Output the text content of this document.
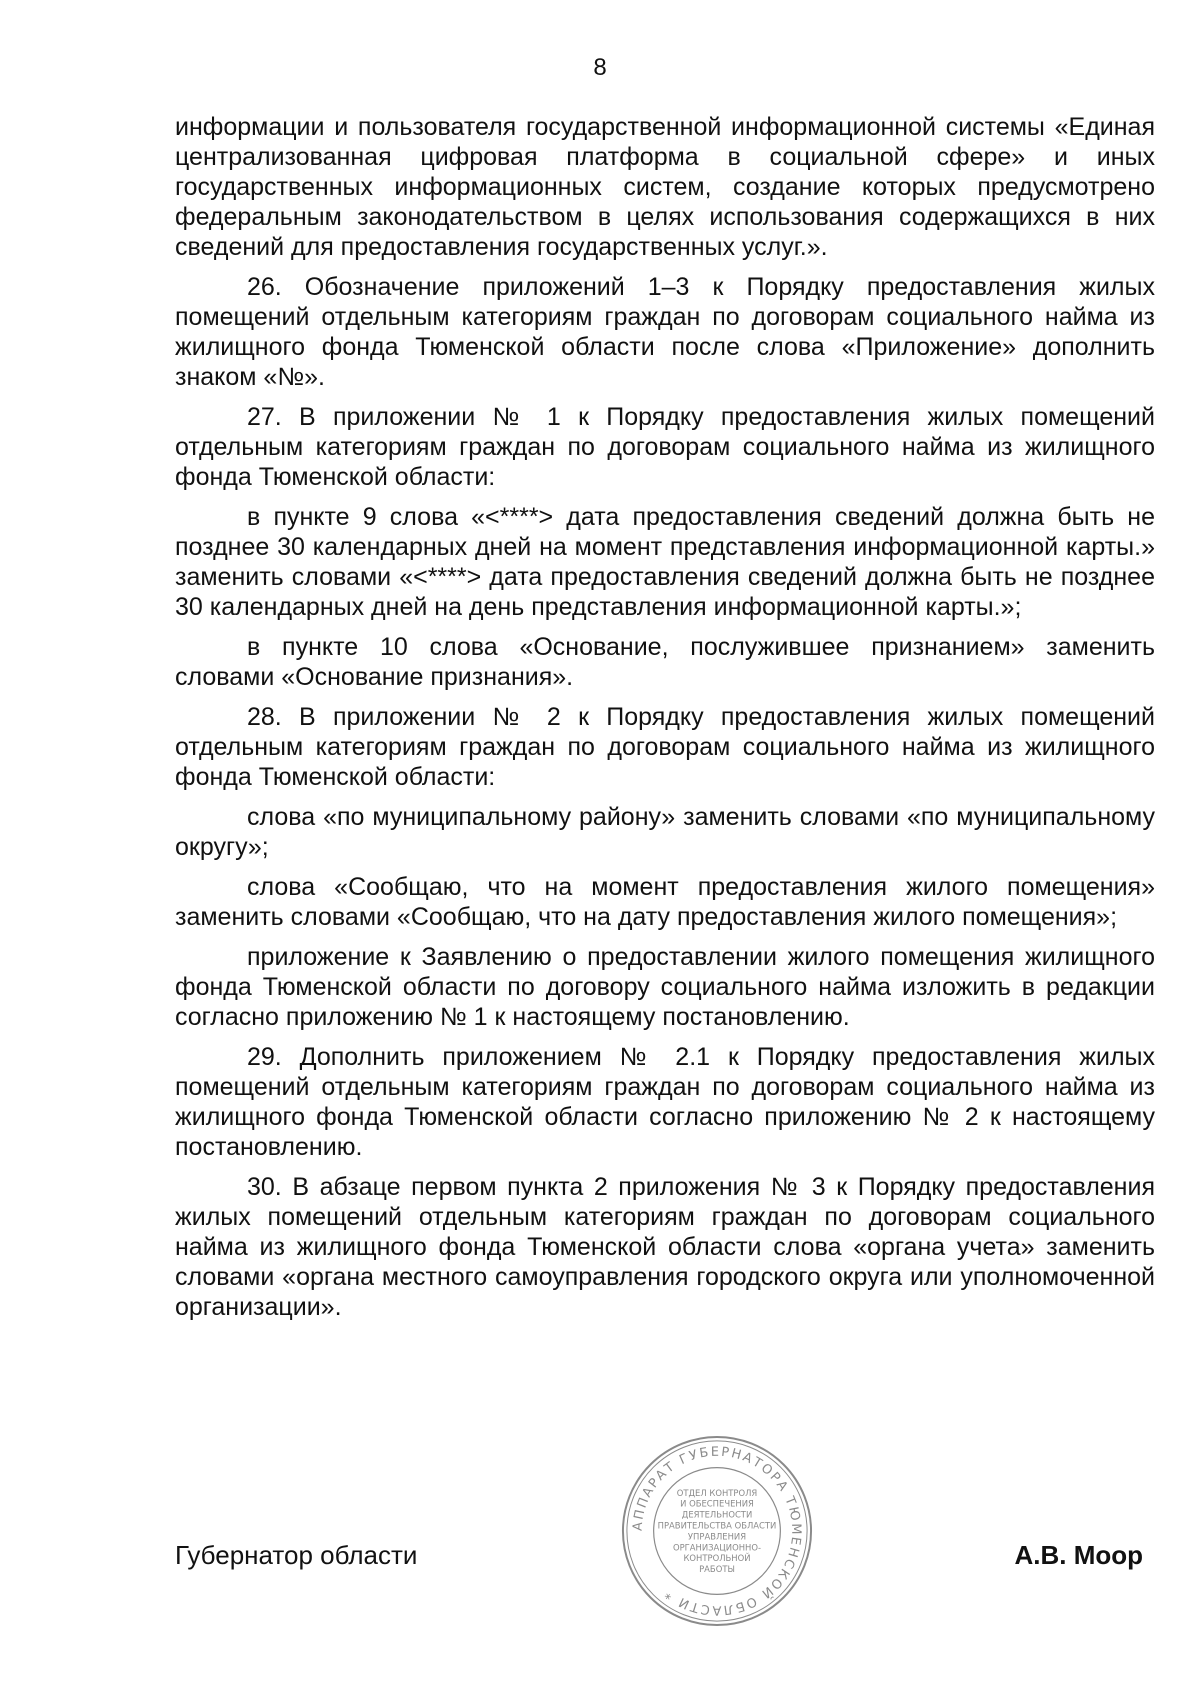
8

информации и пользователя государственной информационной системы «Единая централизованная цифровая платформа в социальной сфере» и иных государственных информационных систем, создание которых предусмотрено федеральным законодательством в целях использования содержащихся в них сведений для предоставления государственных услуг.».

26. Обозначение приложений 1–3 к Порядку предоставления жилых помещений отдельным категориям граждан по договорам социального найма из жилищного фонда Тюменской области после слова «Приложение» дополнить знаком «№».

27. В приложении № 1 к Порядку предоставления жилых помещений отдельным категориям граждан по договорам социального найма из жилищного фонда Тюменской области:

в пункте 9 слова «<****> дата предоставления сведений должна быть не позднее 30 календарных дней на момент представления информационной карты.» заменить словами «<****> дата предоставления сведений должна быть не позднее 30 календарных дней на день представления информационной карты.»;

в пункте 10 слова «Основание, послужившее признанием» заменить словами «Основание признания».

28. В приложении № 2 к Порядку предоставления жилых помещений отдельным категориям граждан по договорам социального найма из жилищного фонда Тюменской области:

слова «по муниципальному району» заменить словами «по муниципальному округу»;

слова «Сообщаю, что на момент предоставления жилого помещения» заменить словами «Сообщаю, что на дату предоставления жилого помещения»;

приложение к Заявлению о предоставлении жилого помещения жилищного фонда Тюменской области по договору социального найма изложить в редакции согласно приложению № 1 к настоящему постановлению.

29. Дополнить приложением № 2.1 к Порядку предоставления жилых помещений отдельным категориям граждан по договорам социального найма из жилищного фонда Тюменской области согласно приложению № 2 к настоящему постановлению.

30. В абзаце первом пункта 2 приложения № 3 к Порядку предоставления жилых помещений отдельным категориям граждан по договорам социального найма из жилищного фонда Тюменской области слова «органа учета» заменить словами «органа местного самоуправления городского округа или уполномоченной организации».

АППАРАТ ГУБЕРНАТОРА ТЮМЕНСКОЙ ОБЛАСТИ *
ОТДЕЛ КОНТРОЛЯ
И ОБЕСПЕЧЕНИЯ
ДЕЯТЕЛЬНОСТИ
ПРАВИТЕЛЬСТВА ОБЛАСТИ
УПРАВЛЕНИЯ
ОРГАНИЗАЦИОННО-
КОНТРОЛЬНОЙ
РАБОТЫ
Губернатор области	А.В. Моор
